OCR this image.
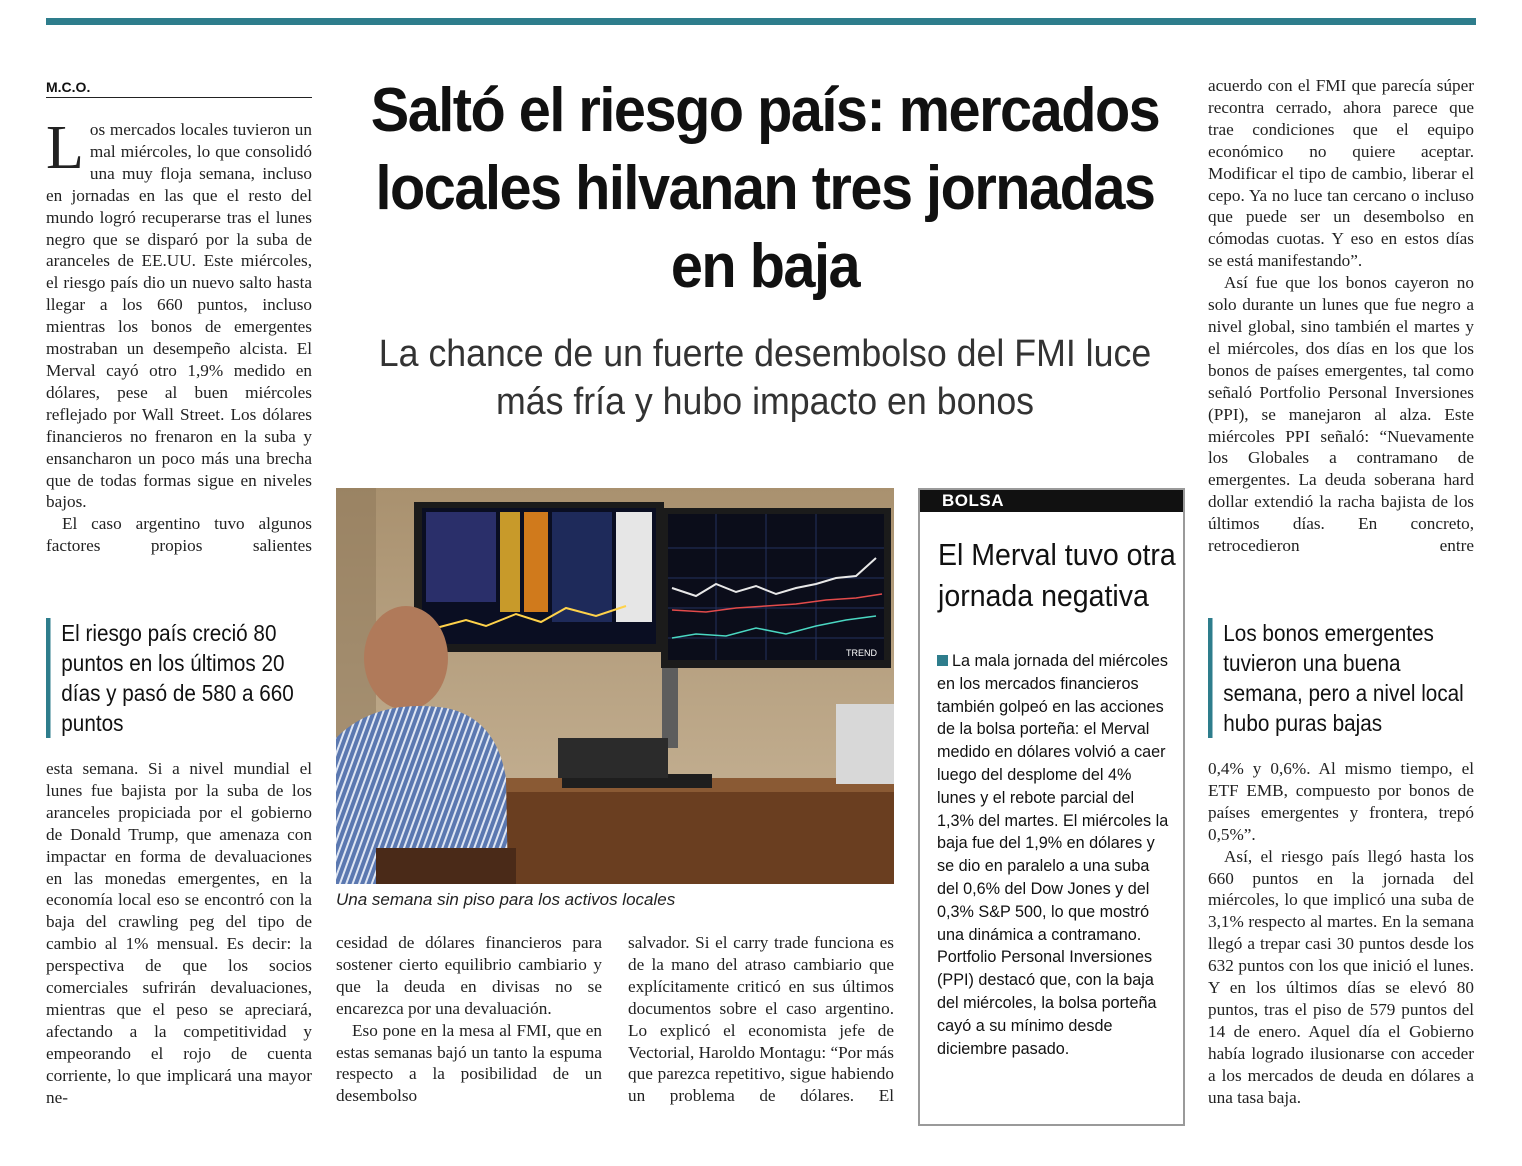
M.C.O.

Los mercados locales tuvieron un mal miércoles, lo que consolidó una muy floja semana, incluso en jornadas en las que el resto del mundo logró recuperarse tras el lunes negro que se disparó por la suba de aranceles de EE.UU. Este miércoles, el riesgo país dio un nuevo salto hasta llegar a los 660 puntos, incluso mientras los bonos de emergentes mostraban un desempeño alcista. El Merval cayó otro 1,9% medido en dólares, pese al buen miércoles reflejado por Wall Street. Los dólares financieros no frenaron en la suba y ensancharon un poco más una brecha que de todas formas sigue en niveles bajos.

El caso argentino tuvo algunos factores propios salientes

El riesgo país creció 80 puntos en los últimos 20 días y pasó de 580 a 660 puntos

esta semana. Si a nivel mundial el lunes fue bajista por la suba de los aranceles propiciada por el gobierno de Donald Trump, que amenaza con impactar en forma de devaluaciones en las monedas emergentes, en la economía local eso se encontró con la baja del crawling peg del tipo de cambio al 1% mensual. Es decir: la perspectiva de que los socios comerciales sufrirán devaluaciones, mientras que el peso se apreciará, afectando a la competitividad y empeorando el rojo de cuenta corriente, lo que implicará una mayor ne-

Saltó el riesgo país: mercados locales hilvanan tres jornadas en baja
La chance de un fuerte desembolso del FMI luce más fría y hubo impacto en bonos
TREND
Una semana sin piso para los activos locales

cesidad de dólares financieros para sostener cierto equilibrio cambiario y que la deuda en divisas no se encarezca por una devaluación.

Eso pone en la mesa al FMI, que en estas semanas bajó un tanto la espuma respecto a la posibilidad de un desembolso

salvador. Si el carry trade funciona es de la mano del atraso cambiario que explícitamente criticó en sus últimos documentos sobre el caso argentino. Lo explicó el economista jefe de Vectorial, Haroldo Montagu: “Por más que parezca repetitivo, sigue habiendo un problema de dólares. El

BOLSA
El Merval tuvo otra jornada negativa
La mala jornada del miércoles en los mercados financieros también golpeó en las acciones de la bolsa porteña: el Merval medido en dólares volvió a caer luego del desplome del 4% lunes y el rebote parcial del 1,3% del martes. El miércoles la baja fue del 1,9% en dólares y se dio en paralelo a una suba del 0,6% del Dow Jones y del 0,3% S&P 500, lo que mostró una dinámica a contramano. Portfolio Personal Inversiones (PPI) destacó que, con la baja del miércoles, la bolsa porteña cayó a su mínimo desde diciembre pasado.

acuerdo con el FMI que parecía súper recontra cerrado, ahora parece que trae condiciones que el equipo económico no quiere aceptar. Modificar el tipo de cambio, liberar el cepo. Ya no luce tan cercano o incluso que puede ser un desembolso en cómodas cuotas. Y eso en estos días se está manifestando”.

Así fue que los bonos cayeron no solo durante un lunes que fue negro a nivel global, sino también el martes y el miércoles, dos días en los que los bonos de países emergentes, tal como señaló Portfolio Personal Inversiones (PPI), se manejaron al alza. Este miércoles PPI señaló: “Nuevamente los Globales a contramano de emergentes. La deuda soberana hard dollar extendió la racha bajista de los últimos días. En concreto, retrocedieron entre

Los bonos emergentes tuvieron una buena semana, pero a nivel local hubo puras bajas

0,4% y 0,6%. Al mismo tiempo, el ETF EMB, compuesto por bonos de países emergentes y frontera, trepó 0,5%”.

Así, el riesgo país llegó hasta los 660 puntos en la jornada del miércoles, lo que implicó una suba de 3,1% respecto al martes. En la semana llegó a trepar casi 30 puntos desde los 632 puntos con los que inició el lunes. Y en los últimos días se elevó 80 puntos, tras el piso de 579 puntos del 14 de enero. Aquel día el Gobierno había logrado ilusionarse con acceder a los mercados de deuda en dólares a una tasa baja.
